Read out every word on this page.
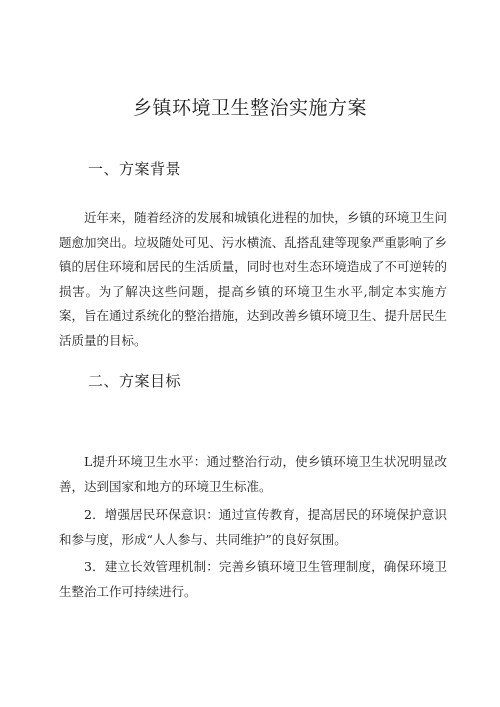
乡镇环境卫生整治实施方案
一、方案背景

近年来，随着经济的发展和城镇化进程的加快，乡镇的环境卫生问题愈加突出。垃圾随处可见、污水横流、乱搭乱建等现象严重影响了乡镇的居住环境和居民的生活质量，同时也对生态环境造成了不可逆转的损害。为了解决这些问题，提高乡镇的环境卫生水平,制定本实施方案，旨在通过系统化的整治措施，达到改善乡镇环境卫生、提升居民生活质量的目标。

二、方案目标

L提升环境卫生水平：通过整治行动，使乡镇环境卫生状况明显改善，达到国家和地方的环境卫生标准。

2．增强居民环保意识：通过宣传教育，提高居民的环境保护意识和参与度，形成“人人参与、共同维护”的良好氛围。

3．建立长效管理机制：完善乡镇环境卫生管理制度，确保环境卫生整治工作可持续进行。
